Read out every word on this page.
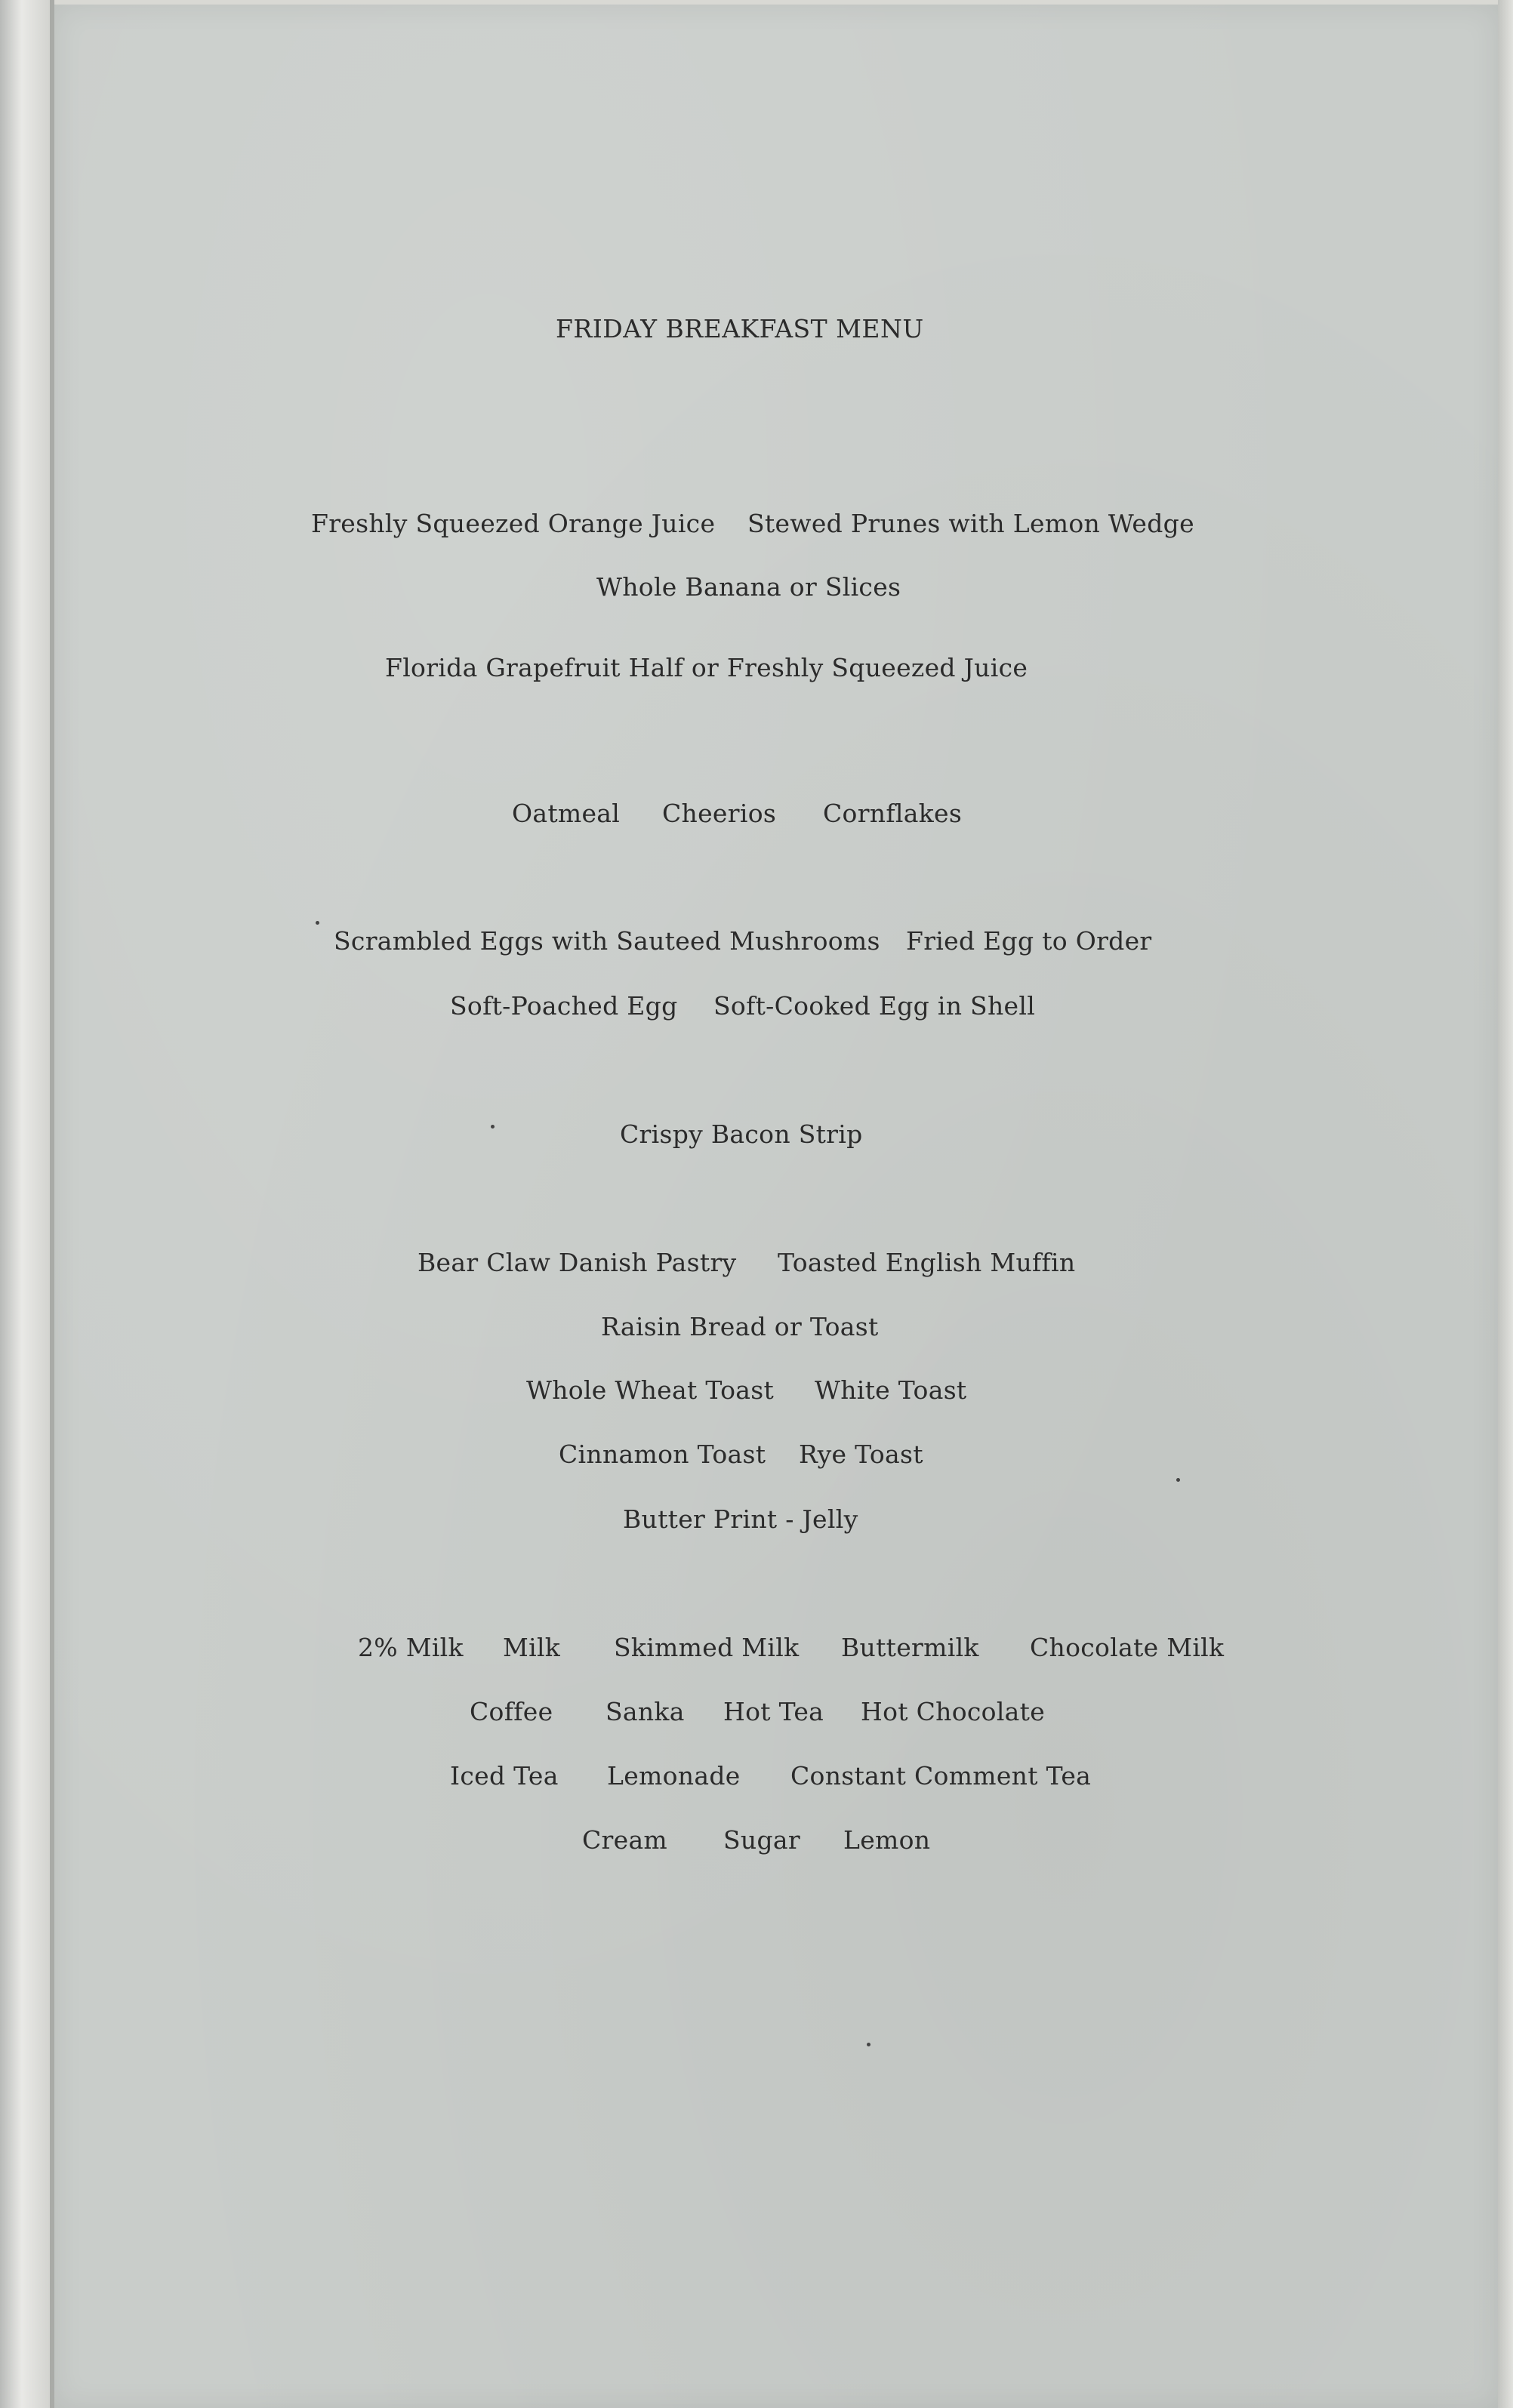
FRIDAY BREAKFAST MENU
Freshly Squeezed Orange Juice Stewed Prunes with Lemon Wedge
Whole Banana or Slices
Florida Grapefruit Half or Freshly Squeezed Juice
Oatmeal Cheerios Cornflakes
Scrambled Eggs with Sauteed Mushrooms Fried Egg to Order
Soft-Poached Egg Soft-Cooked Egg in Shell
Crispy Bacon Strip
Bear Claw Danish Pastry Toasted English Muffin
Raisin Bread or Toast
Whole Wheat Toast White Toast
Cinnamon Toast Rye Toast
Butter Print - Jelly
2% Milk Milk Skimmed Milk Buttermilk Chocolate Milk
Coffee Sanka Hot Tea Hot Chocolate
Iced Tea Lemonade Constant Comment Tea
Cream Sugar Lemon
